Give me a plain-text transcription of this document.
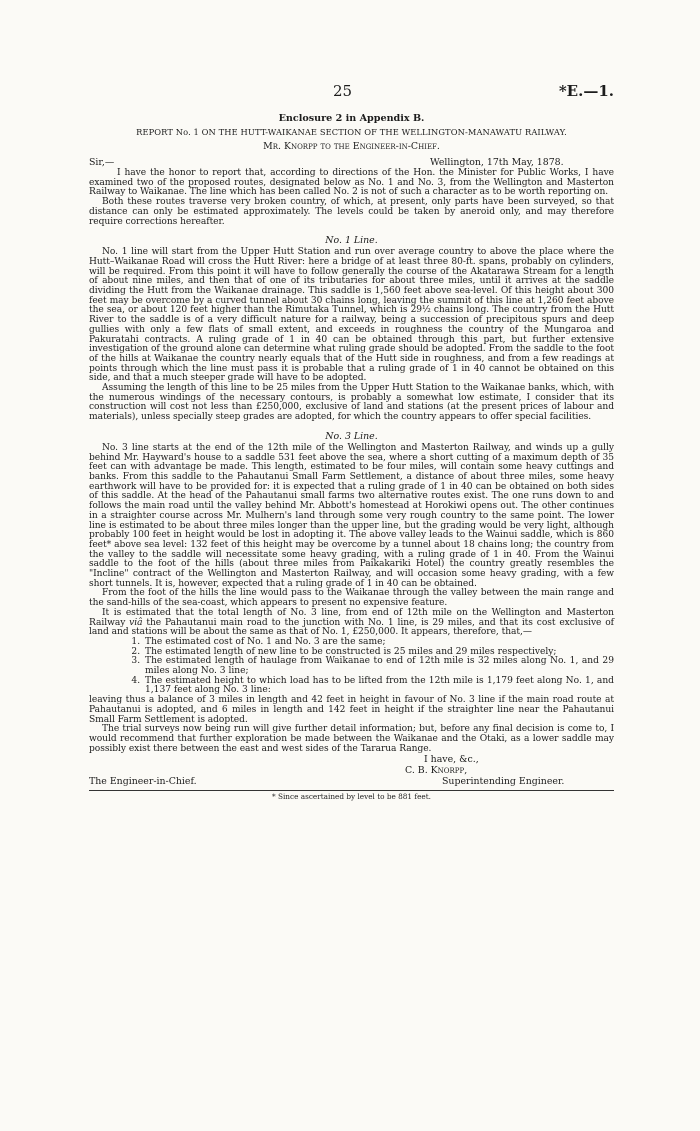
25	*E.—1.
Enclosure 2 in Appendix B.
REPORT No. 1 ON THE HUTT-WAIKANAE SECTION OF THE WELLINGTON-MANAWATU RAILWAY.
Mr. Knorpp to the Engineer-in-Chief.
Sir,—	Wellington, 17th May, 1878.

I have the honor to report that, according to directions of the Hon. the Minister for Public Works, I have examined two of the proposed routes, designated below as No. 1 and No. 3, from the Wellington and Masterton Railway to Waikanae. The line which has been called No. 2 is not of such a character as to be worth reporting on.

Both these routes traverse very broken country, of which, at present, only parts have been surveyed, so that distance can only be estimated approximately. The levels could be taken by aneroid only, and may therefore require corrections hereafter.

No. 1 Line.

No. 1 line will start from the Upper Hutt Station and run over average country to above the place where the Hutt–Waikanae Road will cross the Hutt River: here a bridge of at least three 80-ft. spans, probably on cylinders, will be required. From this point it will have to follow generally the course of the Akatarawa Stream for a length of about nine miles, and then that of one of its tributaries for about three miles, until it arrives at the saddle dividing the Hutt from the Waikanae drainage. This saddle is 1,560 feet above sea-level. Of this height about 300 feet may be overcome by a curved tunnel about 30 chains long, leaving the summit of this line at 1,260 feet above the sea, or about 120 feet higher than the Rimutaka Tunnel, which is 29½ chains long. The country from the Hutt River to the saddle is of a very difficult nature for a railway, being a succession of precipitous spurs and deep gullies with only a few flats of small extent, and exceeds in roughness the country of the Mungaroa and Pakuratahi contracts. A ruling grade of 1 in 40 can be obtained through this part, but further extensive investigation of the ground alone can determine what ruling grade should be adopted. From the saddle to the foot of the hills at Waikanae the country nearly equals that of the Hutt side in roughness, and from a few readings at points through which the line must pass it is probable that a ruling grade of 1 in 40 cannot be obtained on this side, and that a much steeper grade will have to be adopted.

Assuming the length of this line to be 25 miles from the Upper Hutt Station to the Waikanae banks, which, with the numerous windings of the necessary contours, is probably a somewhat low estimate, I consider that its construction will cost not less than £250,000, exclusive of land and stations (at the present prices of labour and materials), unless specially steep grades are adopted, for which the country appears to offer special facilities.

No. 3 Line.

No. 3 line starts at the end of the 12th mile of the Wellington and Masterton Railway, and winds up a gully behind Mr. Hayward's house to a saddle 531 feet above the sea, where a short cutting of a maximum depth of 35 feet can with advantage be made. This length, estimated to be four miles, will contain some heavy cuttings and banks. From this saddle to the Pahautanui Small Farm Settlement, a distance of about three miles, some heavy earthwork will have to be provided for: it is expected that a ruling grade of 1 in 40 can be obtained on both sides of this saddle. At the head of the Pahautanui small farms two alternative routes exist. The one runs down to and follows the main road until the valley behind Mr. Abbott's homestead at Horokiwi opens out. The other continues in a straighter course across Mr. Mulhern's land through some very rough country to the same point. The lower line is estimated to be about three miles longer than the upper line, but the grading would be very light, although probably 100 feet in height would be lost in adopting it. The above valley leads to the Wainui saddle, which is 860 feet* above sea level: 132 feet of this height may be overcome by a tunnel about 18 chains long; the country from the valley to the saddle will necessitate some heavy grading, with a ruling grade of 1 in 40. From the Wainui saddle to the foot of the hills (about three miles from Paikakariki Hotel) the country greatly resembles the "Incline" contract of the Wellington and Masterton Railway, and will occasion some heavy grading, with a few short tunnels. It is, however, expected that a ruling grade of 1 in 40 can be obtained.

From the foot of the hills the line would pass to the Waikanae through the valley between the main range and the sand-hills of the sea-coast, which appears to present no expensive feature.

It is estimated that the total length of No. 3 line, from end of 12th mile on the Wellington and Masterton Railway viâ the Pahautanui main road to the junction with No. 1 line, is 29 miles, and that its cost exclusive of land and stations will be about the same as that of No. 1, £250,000. It appears, therefore, that,—

1. The estimated cost of No. 1 and No. 3 are the same;
2. The estimated length of new line to be constructed is 25 miles and 29 miles respectively;
3. The estimated length of haulage from Waikanae to end of 12th mile is 32 miles along No. 1, and 29 miles along No. 3 line;
4. The estimated height to which load has to be lifted from the 12th mile is 1,179 feet along No. 1, and 1,137 feet along No. 3 line:

leaving thus a balance of 3 miles in length and 42 feet in height in favour of No. 3 line if the main road route at Pahautanui is adopted, and 6 miles in length and 142 feet in height if the straighter line near the Pahautanui Small Farm Settlement is adopted.

The trial surveys now being run will give further detail information; but, before any final decision is come to, I would recommend that further exploration be made between the Waikanae and the Otaki, as a lower saddle may possibly exist there between the east and west sides of the Tararua Range.

I have, &c.,
C. B. Knorpp,
The Engineer-in-Chief.	Superintending Engineer.
* Since ascertained by level to be 881 feet.
